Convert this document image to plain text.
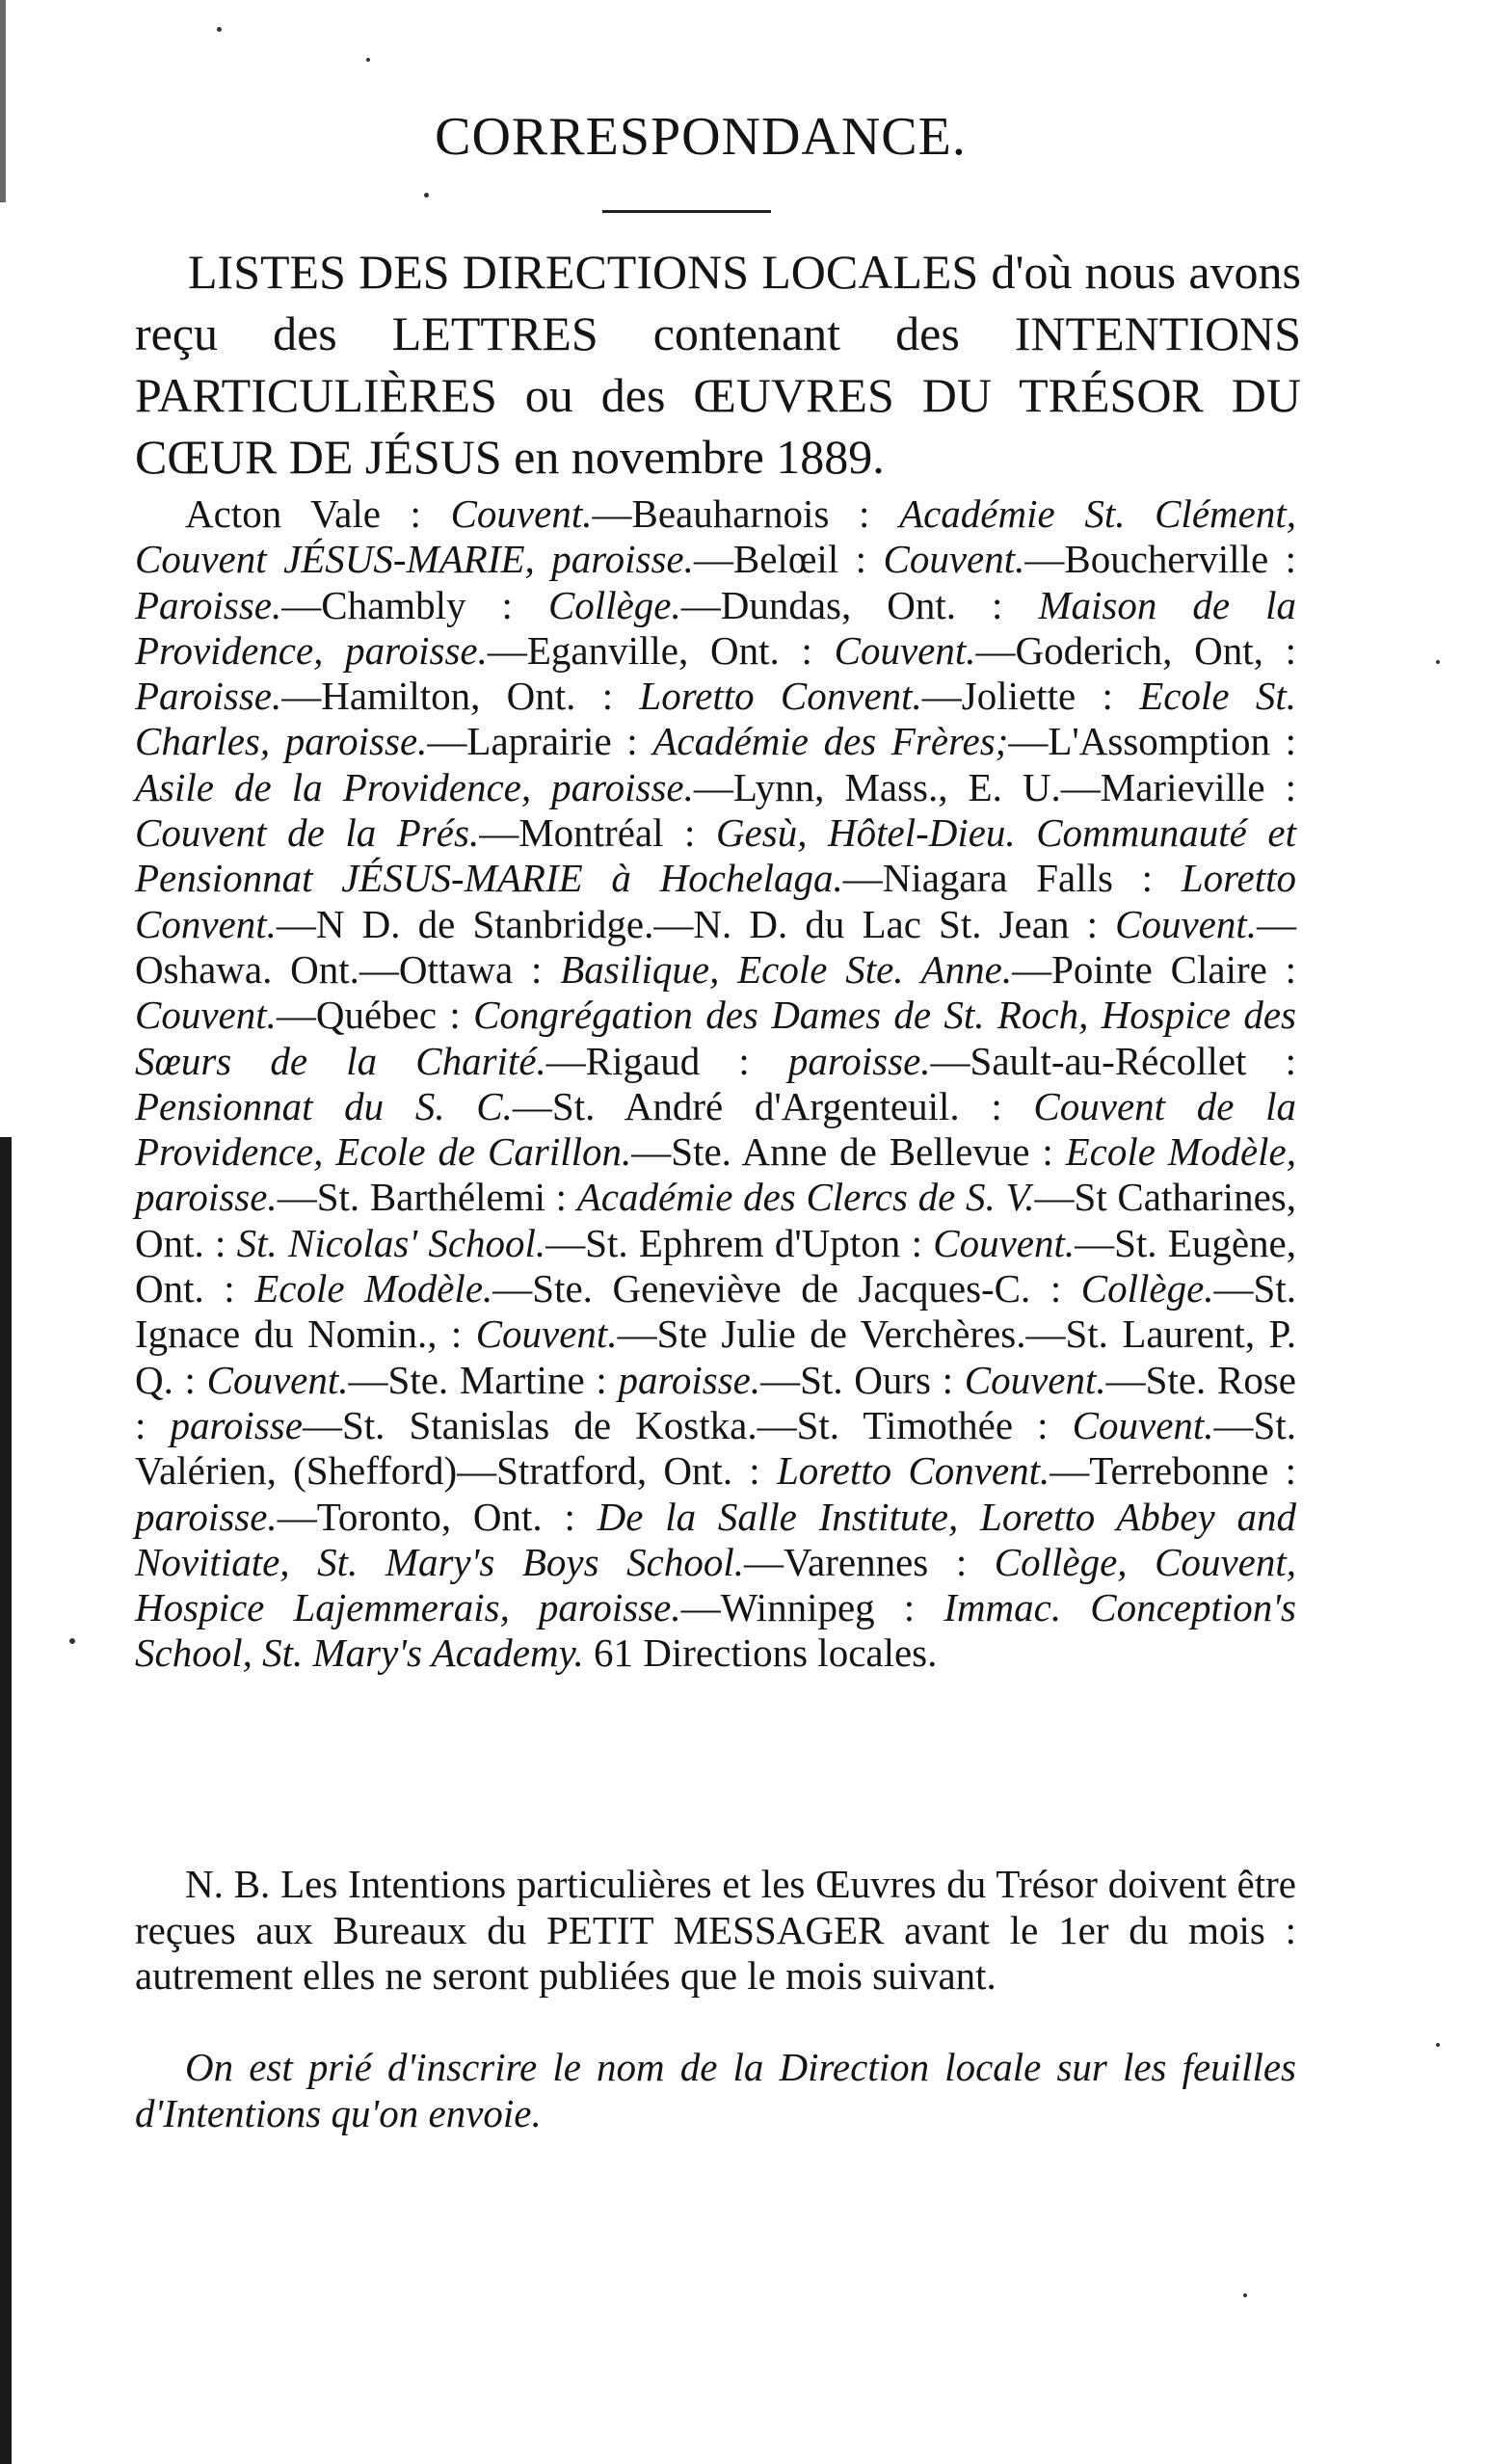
CORRESPONDANCE.

LISTES DES DIRECTIONS LOCALES d'où nous avons reçu des LETTRES contenant des INTENTIONS PARTICULIÈRES ou des ŒUVRES DU TRÉSOR DU CŒUR DE JÉSUS en novembre 1889.

Acton Vale : Couvent.—Beauharnois : Académie St. Clément, Couvent JÉSUS-MARIE, paroisse.—Belœil : Couvent.—Boucherville : Paroisse.—Chambly : Collège.—Dundas, Ont. : Maison de la Providence, paroisse.—Eganville, Ont. : Couvent.—Goderich, Ont, : Paroisse.—Hamilton, Ont. : Loretto Convent.—Joliette : Ecole St. Charles, paroisse.—Laprairie : Académie des Frères;—L'Assomption : Asile de la Providence, paroisse.—Lynn, Mass., E. U.—Marieville : Couvent de la Prés.—Montréal : Gesù, Hôtel-Dieu. Communauté et Pensionnat JÉSUS-MARIE à Hochelaga.—Niagara Falls : Loretto Convent.—N D. de Stanbridge.—N. D. du Lac St. Jean : Couvent.—Oshawa. Ont.—Ottawa : Basilique, Ecole Ste. Anne.—Pointe Claire : Couvent.—Québec : Congrégation des Dames de St. Roch, Hospice des Sœurs de la Charité.—Rigaud : paroisse.—Sault-au-Récollet : Pensionnat du S. C.—St. André d'Argenteuil. : Couvent de la Providence, Ecole de Carillon.—Ste. Anne de Bellevue : Ecole Modèle, paroisse.—St. Barthélemi : Académie des Clercs de S. V.—St Catharines, Ont. : St. Nicolas' School.—St. Ephrem d'Upton : Couvent.—St. Eugène, Ont. : Ecole Modèle.—Ste. Geneviève de Jacques-C. : Collège.—St. Ignace du Nomin., : Couvent.—Ste Julie de Verchères.—St. Laurent, P. Q. : Couvent.—Ste. Martine : paroisse.—St. Ours : Couvent.—Ste. Rose : paroisse—St. Stanislas de Kostka.—St. Timothée : Couvent.—St. Valérien, (Shefford)—Stratford, Ont. : Loretto Convent.—Terrebonne : paroisse.—Toronto, Ont. : De la Salle Institute, Loretto Abbey and Novitiate, St. Mary's Boys School.—Varennes : Collège, Couvent, Hospice Lajemmerais, paroisse.—Winnipeg : Immac. Conception's School, St. Mary's Academy. 61 Directions locales.

N. B. Les Intentions particulières et les Œuvres du Trésor doivent être reçues aux Bureaux du PETIT MESSAGER avant le 1er du mois : autrement elles ne seront publiées que le mois suivant.

On est prié d'inscrire le nom de la Direction locale sur les feuilles d'Intentions qu'on envoie.
